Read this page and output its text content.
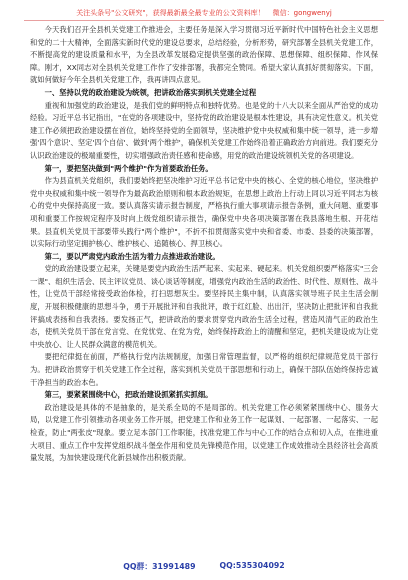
关注头条号"公文研究"，获得最新最全最专业的公文资料库！ 微信：gongwenyj

今天我们召开全县机关党建工作推进会，主要任务是深入学习贯彻习近平新时代中国特色社会主义思想和党的二十大精神，全面落实新时代党的建设总要求，总结经验，分析形势，研究部署全县机关党建工作，不断提高党的建设质量和水平，为全县改革发展稳定提供坚强的政治保障、思想保障、组织保障、作风保障。刚才，XX同志对全县机关党建工作作了安排部署，我都完全赞同。希望大家认真抓好贯彻落实。下面，就如何做好今年全县机关党建工作，我再讲四点意见。

一、坚持以党的政治建设为统领，把讲政治落实到机关党建全过程

重视和加强党的政治建设，是我们党的鲜明特点和独特优势。也是党的十八大以来全面从严治党的成功经验。习近平总书记指出，"在党的各项建设中，坚持党的政治建设是根本性建设，具有决定性意义。机关党建工作必须把政治建设摆在首位，始终坚持党的全面领导，坚决维护党中央权威和集中统一领导，进一步增强'四个意识'、坚定'四个自信'、做到'两个维护'，确保机关党建工作始终沿着正确政治方向前进。我们要充分认识政治建设的极端重要性，切实增强政治责任感和使命感，用党的政治建设统领机关党的各项建设。

第一，要把坚决做到"两个维护"作为首要政治任务。

作为县直机关党组织，我们要始终把坚决维护习近平总书记党中央的核心、全党的核心地位，坚决维护党中央权威和集中统一领导作为最高政治原则和根本政治规矩，在思想上政治上行动上同以习近平同志为核心的党中央保持高度一致。要认真落实请示报告制度，严格执行重大事项请示报告条例，重大问题、重要事项和重要工作按规定程序及时向上级党组织请示报告，确保党中央各项决策部署在我县落地生根、开花结果。县直机关党员干部要带头践行"两个维护"，不折不扣贯彻落实党中央和省委、市委、县委的决策部署，以实际行动坚定拥护核心、维护核心、追随核心、捍卫核心。

第二，要以严肃党内政治生活为着力点推进政治建设。

党的政治建设要立起来，关键是要党内政治生活严起来、实起来、硬起来。机关党组织要严格落实"三会一课"、组织生活会、民主评议党员、谈心谈话等制度，增强党内政治生活的政治性、时代性、原则性、战斗性，让党员干部经常接受政治体检，打扫思想灰尘。要坚持民主集中制，认真落实领导班子民主生活会制度，开展积极健康的思想斗争，勇于开展批评和自我批评，敢于红红脸、出出汗，坚决防止把批评和自我批评搞成表扬和自我表扬。要发扬正气，把讲政治的要求贯穿党内政治生活全过程，营造风清气正的政治生态，使机关党员干部在党言党、在党忧党、在党为党，始终保持政治上的清醒和坚定，把机关建设成为让党中央放心、让人民群众满意的模范机关。

要把纪律挺在前面，严格执行党内法规制度，加强日常管理监督，以严格的组织纪律规范党员干部行为。把讲政治贯穿于机关党建工作全过程，落实到机关党员干部思想和行动上，确保干部队伍始终保持忠诚干净担当的政治本色。

第三，要紧紧围绕中心，把政治建设抓紧抓实抓细。

政治建设是具体的不是抽象的，是关系全局的不是局部的。机关党建工作必须紧紧围绕中心、服务大局，以党建工作引领推动各项业务工作开展，把党建工作和业务工作一起谋划、一起部署、一起落实、一起检查，防止"两张皮"现象。要立足本部门工作职能，找准党建工作与中心工作的结合点和切入点，在推进重大项目、重点工作中发挥党组织战斗堡垒作用和党员先锋模范作用，以党建工作成效推动全县经济社会高质量发展，为加快建设现代化新县城作出积极贡献。

QQ群：31991489	QQ:535304092
